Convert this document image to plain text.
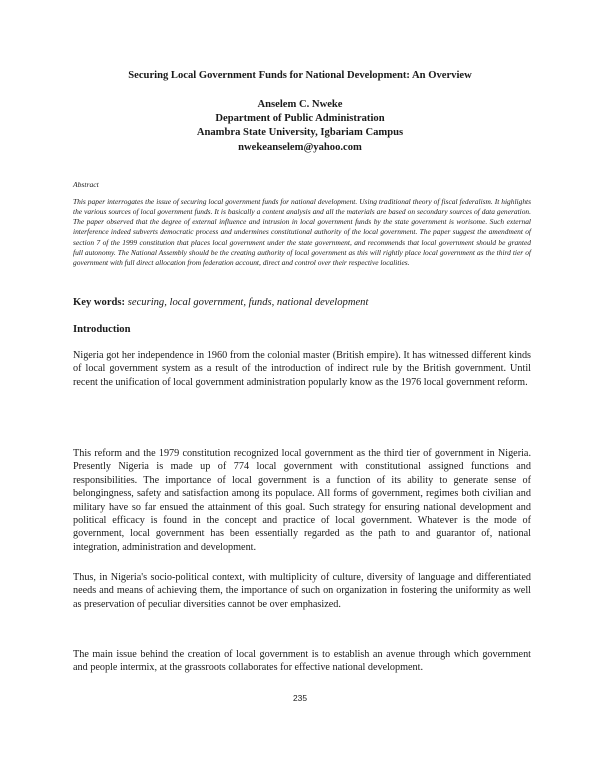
Securing Local Government Funds for National Development: An Overview
Anselem C. Nweke
Department of Public Administration
Anambra State University, Igbariam Campus
nwekeanselem@yahoo.com
Abstract
This paper interrogates the issue of securing local government funds for national development. Using traditional theory of fiscal federalism. It highlights the various sources of local government funds. It is basically a content analysis and all the materials are based on secondary sources of data generation. The paper observed that the degree of external influence and intrusion in local government funds by the state government is worisome. Such external interference indeed subverts democratic process and undermines constitutional authority of the local government. The paper suggest the amendment of section 7 of the 1999 constitution that places local government under the state government, and recommends that local government should be granted full autonomy. The National Assembly should be the creating authority of local government as this will rightly place local government as the third tier of government with full direct allocation from federation account, direct and control over their respective localities.
Key words: securing, local government, funds, national development
Introduction
Nigeria got her independence in 1960 from the colonial master (British empire). It has witnessed different kinds of local government system as a result of the introduction of indirect rule by the British government. Until recent the unification of local government administration popularly know as the 1976 local government reform.
This reform and the 1979 constitution recognized local government as the third tier of government in Nigeria. Presently Nigeria is made up of 774 local government with constitutional assigned functions and responsibilities. The importance of local government is a function of its ability to generate sense of belongingness, safety and satisfaction among its populace. All forms of government, regimes both civilian and military have so far ensued the attainment of this goal. Such strategy for ensuring national development and political efficacy is found in the concept and practice of local government. Whatever is the mode of government, local government has been essentially regarded as the path to and guarantor of, national integration, administration and development.
Thus, in Nigeria's socio-political context, with multiplicity of culture, diversity of language and differentiated needs and means of achieving them, the importance of such on organization in fostering the uniformity as well as preservation of peculiar diversities cannot be over emphasized.
The main issue behind the creation of local government is to establish an avenue through which government and people intermix, at the grassroots collaborates for effective national development.
235
